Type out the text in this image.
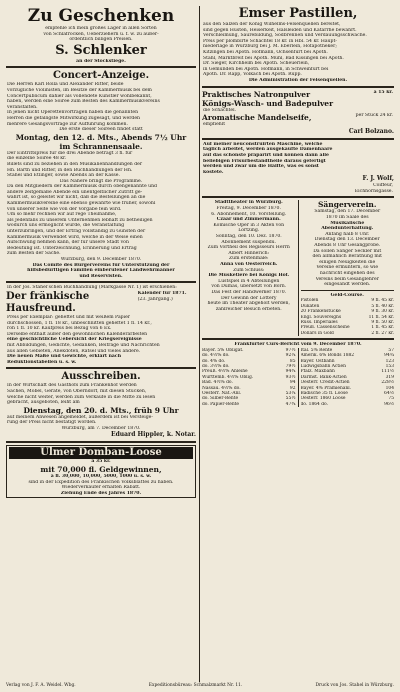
Zu Geschenken
empfehle ich mein großes Lager in allen Sorten
von Schlafröcken, Ueberziehern u. f. w. zu außer-
ordentlich billigen Preisen.
S. Schlenker
an der Stockstiege.
Concert-Anzeige.
Die Herren Karl Rolla und Alexander Ritter, beide
vorzügliche Violinisten, im Besitze der Kammermusik bei dem
Concertpublicum dahier als vollendete Künstler wohlbekannt,
haben, werden eine Soirée zum Besten des Kammermusikvereins
veranstalten.
In jenen nicht Operettenvorträgen haben die genannten
Herren die gefälligste Mitwirkung zugesagt, und werden
mehrere Gesangsvorträge zur Aufführung kommen.
Die erste dieser Soireen findet statt
Montag, den 12. d. Mts., Abends 7½ Uhr
im Schrannensaale.
Der Eintrittspreis für die drei Abende beträgt 3 fl. für
die einzelne Soirée 48 kr.
Billets sind zu beziehen in den Musikalienhandlungen der
Hh. Barth und Ritter, in den Buchhandlungen der Hh.
Stahel und Etlinger, sowie Abends an der Kasse.
Das Nähere bringt die Programme.
Da den Mitgliedern der Kammermusik durch obengenannte und
andere zeitgemäße Abende ein unentgeltlicher Zutritt ge-
währt ist, so geleitet wir nicht, daß die Bestellungen an die
Kammermusikvereine eine ebenso gewährte wie früher, sowohl
von unserer Seite wie von der Vorgabe fein wird.
Um so mehr rechnen wir auf rege Theilnahme,
als Jedenfalls zu unserem Unternehmen lebhaft zu betheiligen
wodurch uns ermöglicht wurde, die Veranstaltung
unterzubringen, und der Ertrag vollständig zu Gunsten der
Kammermusik verwendet wird, welche in der Weise einen
Aufschwung nehmen kann, der für unsere Stadt von
Bedeutung ist. Unterzeichnung, Erinnerung und Ertrag
zum Besten der Sache.
Würzburg, den 9. December 1870.
Das Comité des Bürgervereins für Unterstützung der
hilfsbedürftigen Familien einberufener Landwehrmänner
und Reservisten.
In der Jos. Stahel'schen Buchhandlung (Markgasse Nr. 1) ist erschienen:
Der fränkische Hausfreund.
Kalender für 1871.
(23. Jahrgang.)
Preis per Exemplar: geheftet und mit weißem Papier
durchschossen, 1 fl. 18 kr., unbeschnitten geheftet 1 fl. 14 kr.,
roh 1 fl. 10 kr. Kaufpreis bei Bezug von 6 Ex.
Derselbe enthält außer den gewöhnlichen Kalenderarbeiten
eine geschichtliche Uebersicht der Kriegsereignisse
mit Abbildungen, Gedichte, Gedanken, Beiträge und Nachrichten
aus allen Gebieten, Anekdoten, Rätsel und vieles andere.
Die neuen Maße und Gewichte, erklärt nach
Reduktionstabellen u. s. w.
Ausschreiben.
In der Wirtschaft des Gasthofs zum Frankenhof werden
Sachen, Möbel, Geräte, von Oberndorf, mit diesen Stücken,
welche nicht weiter, werden zum Verkaufe in die Mitte zu lesen
gebracht, ausgeboten, leiht am
Dienstag, den 20. d. Mts., früh 9 Uhr
auf meinem Anwesen angemeldet, außerdem ist bei Versteige-
rung der Preis nicht bestätigt worden.
Würzburg, am 7. December 1870.
Eduard Hippler, k. Notar.
Ulmer Domban-Loose
à 35 kr.
mit 70,000 fl. Geldgewinnen,
à fl. 30,000, 10,000, 5000, 1000 u. s. w.
sind in der Expedition des Fränkischen Volksblattes zu haben.
Wiederverkäufer erhalten Rabatt.
Ziehung Ende des Jahres 1870.
Emser Pastillen,
aus den Salzen der König Wilhelms-Felsenquellen bereitet,
sind gegen Husten, Heiserkeit, Halsleiden und Katarrhe bewährt.
Verschleimung, Säurebildung, Sodbrennen und Verdauungsschwäche.
Preis per plombirte Schachtel 18 kr. in Hbl. 54 kr. Haupt-
niederlage in Würzburg bei J. M. Eberlein, Hofapotheker;
Kitzingen bei Apoth. Hofmann, Ochsenfurt bei Apoth.
Stahl, Marktbreit bei Apoth. Mühl, Bad Kissingen bei Apoth.
Dr. Sieger, Kirchheim bei Apoth. Scheuerlein,
in Gemünden bei Apoth. Hofmann, in Schweinfurt bei
Apoth. Dr. Rapp, Volkach bei Apoth. Rupp.
Die Administration der Felsenquellen.
Praktisches Natronpulver	à 15 kr.
Königs-Wasch- und Badepulver
die Schachtel.
Aromatische Mandelseife,	per Stück 24 kr.
empfiehlt
Carl Bolzano.
Auf meiner neuconstruirten Maschine, welche
täglich arbeitet, werden ausgekaufte Damenhaare
auf das schönste präparirt und können dann alle
beliebigen Frisurbestandtheile daraus gefertigt
werden und zwar um die Hälfte, was es sonst
kostete.
F. J. Wolf,
Coiffeur,
Eichhornsgasse.
Stadttheater in Würzburg.
Freitag, 9. December 1870.
6. Abonnement, 10. Vorstellung.
Czaar und Zimmermann.
Komische Oper in 3 Akten von
Lortzing.
Sonntag, den 10. Dez. 1870.
Abonnement suspendu.
Zum Vortheil des Regisseurs Herrn
Albert Hinnerich:
Zum erstenmale:
Anna von Oesterreich.
Zum Schluss:
Die Musketiere bei Königs Hof.
Lustspiel in 4 Abteilungen
von Dumas, übersetzt von Born.
Das Fest der Handwerker 1870.
Der Gewinn der Lottery
heute im Theater abgeholt werden,
zahlreicher Besuch erbeten.
Sängerverein.
Samstag, den 17. December
1870 im Saale des
Musikalische
Abendunterhaltung.
Anfang halb 8 Uhr.
Dienstag den 13. December
Abends 8 Uhr Gesangprobe.
Da sollen Sänger Seckler mit
den allmählich Berathung mit
einigen Neuigkeiten die
Vereine ermuntern, so wie
nachricht eingehen des
Vereins beim Gesanglehrer
eingesandt werden.
Geld-Course.
Pistolen	9 fl. 45 kr.
Dukaten	5 fl. 40 kr.
20 Frankenstücke	9 fl. 30 kr.
Engl. Souvereigns	11 fl. 54 kr.
Russ. Imperiales	9 fl. 50 kr.
Preuß. Cassenscheine	1 fl. 45 kr.
Dollars in Gold	2 fl. 27 kr.
Frankfurter Curs-Bericht vom 9. December 1870.
Bayer. 5% Obligat.	97½
do. 4½% do.	92¼
do. 4% do.	85
do. 3½% do.	79½
Preuß. 4½% Anleihe	94¾
Württemb. 4½% Oblig.	93½
Bad. 4½% do.	94
Nassau. 4½% do.	92
Oesterr. Nat.-Anl.	53¼
do. Silber-Rente	55½
do. Papier-Rente	47¾
Ital. 5% Rente	57
Amerik. 6% Bonds 1882	94¾
Bayer. Ostbahn	123
Ludwigsbahn Actien	153
Pfälz. Maxbahn	111½
Darmst. Bank-Actien	319
Oesterr. Credit-Actien	228½
Bayer. 4% Prämienanl.	104
Badische 35 fl. Loose	64½
Oesterr. 1860 Loose	75
do. 1864 do.	96½
Verlag von J. F. A. Weidel. Wbg.	Expeditionsbüreau: Schmalzmarkt Nr. 11.	Druck von Jos. Stahel in Würzburg.
